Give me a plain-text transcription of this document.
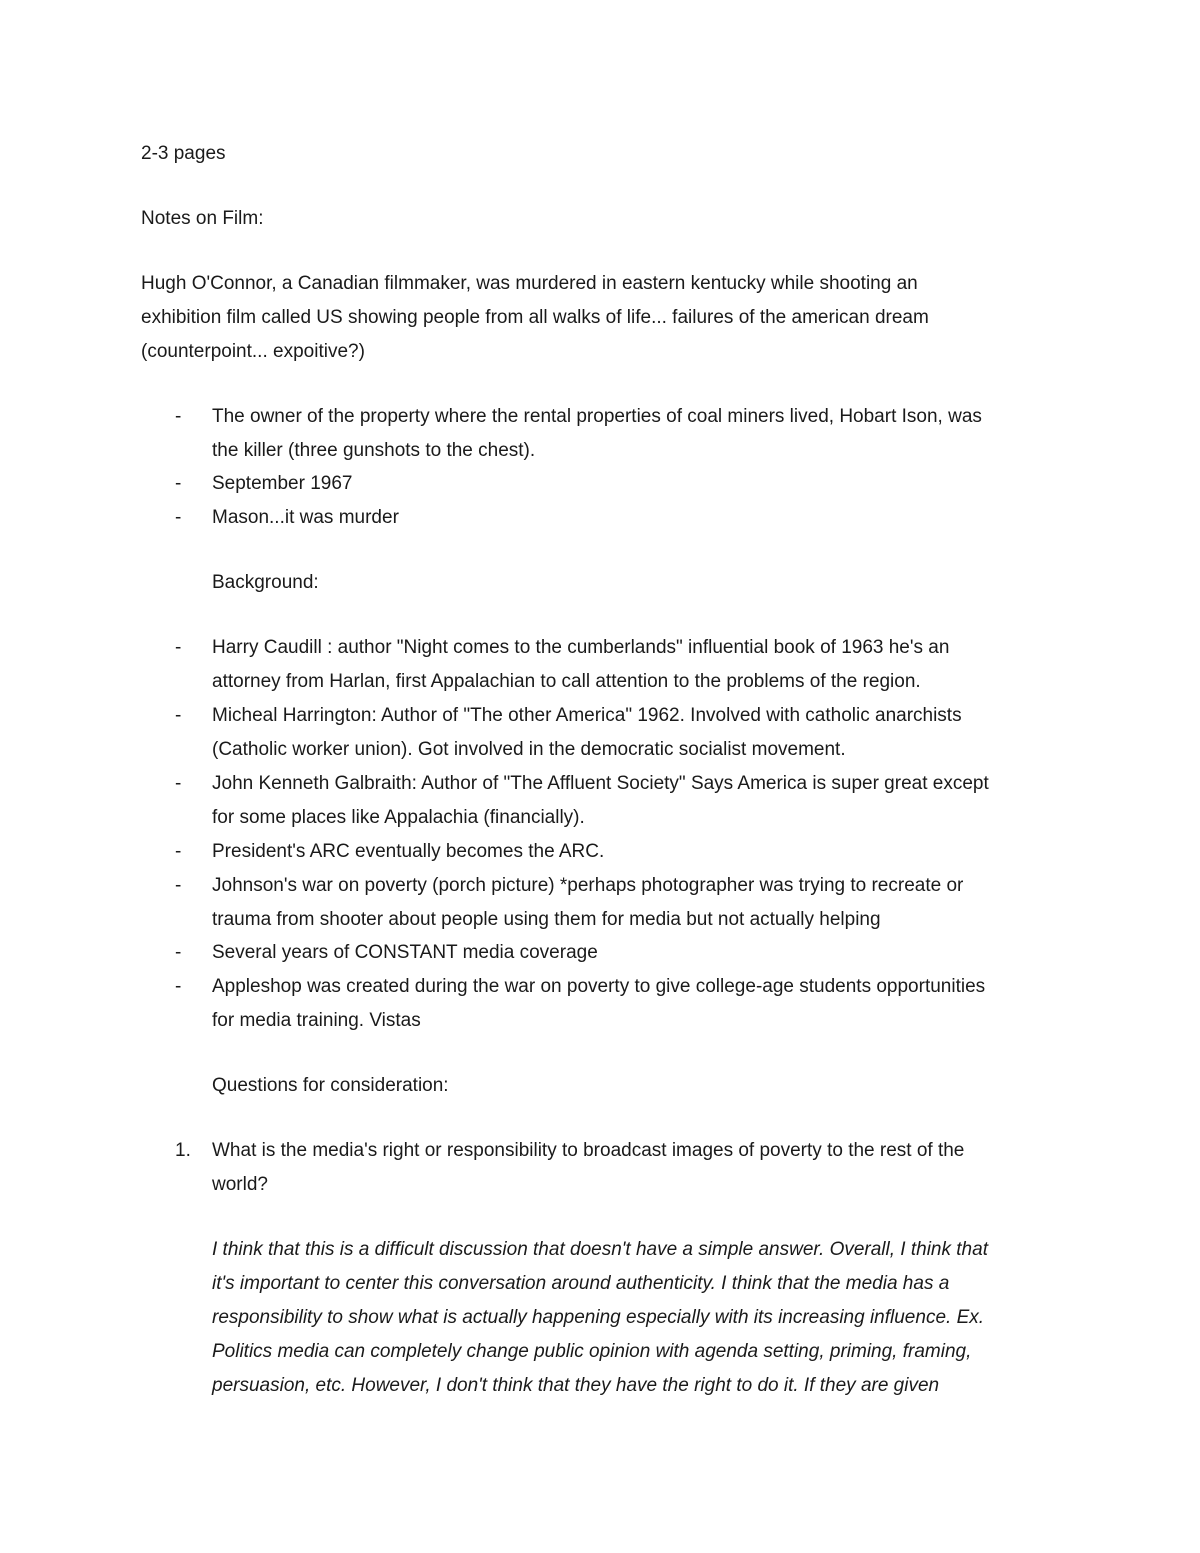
2-3 pages
Notes on Film:
Hugh O'Connor, a Canadian filmmaker, was murdered in eastern kentucky while shooting an
exhibition film called US showing people from all walks of life... failures of the american dream
(counterpoint... expoitive?)
- The owner of the property where the rental properties of coal miners lived, Hobart Ison, was
the killer (three gunshots to the chest).
- September 1967
- Mason...it was murder
Background:
- Harry Caudill : author "Night comes to the cumberlands" influential book of 1963 he's an
attorney from Harlan, first Appalachian to call attention to the problems of the region.
- Micheal Harrington: Author of "The other America" 1962. Involved with catholic anarchists
(Catholic worker union). Got involved in the democratic socialist movement.
- John Kenneth Galbraith: Author of "The Affluent Society" Says America is super great except
for some places like Appalachia (financially).
- President's ARC eventually becomes the ARC.
- Johnson's war on poverty (porch picture) *perhaps photographer was trying to recreate or
trauma from shooter about people using them for media but not actually helping
- Several years of CONSTANT media coverage
- Appleshop was created during the war on poverty to give college-age students opportunities
for media training. Vistas
Questions for consideration:
1. What is the media's right or responsibility to broadcast images of poverty to the rest of the
world?
I think that this is a difficult discussion that doesn't have a simple answer. Overall, I think that
it's important to center this conversation around authenticity. I think that the media has a
responsibility to show what is actually happening especially with its increasing influence. Ex.
Politics media can completely change public opinion with agenda setting, priming, framing,
persuasion, etc. However, I don't think that they have the right to do it. If they are given
